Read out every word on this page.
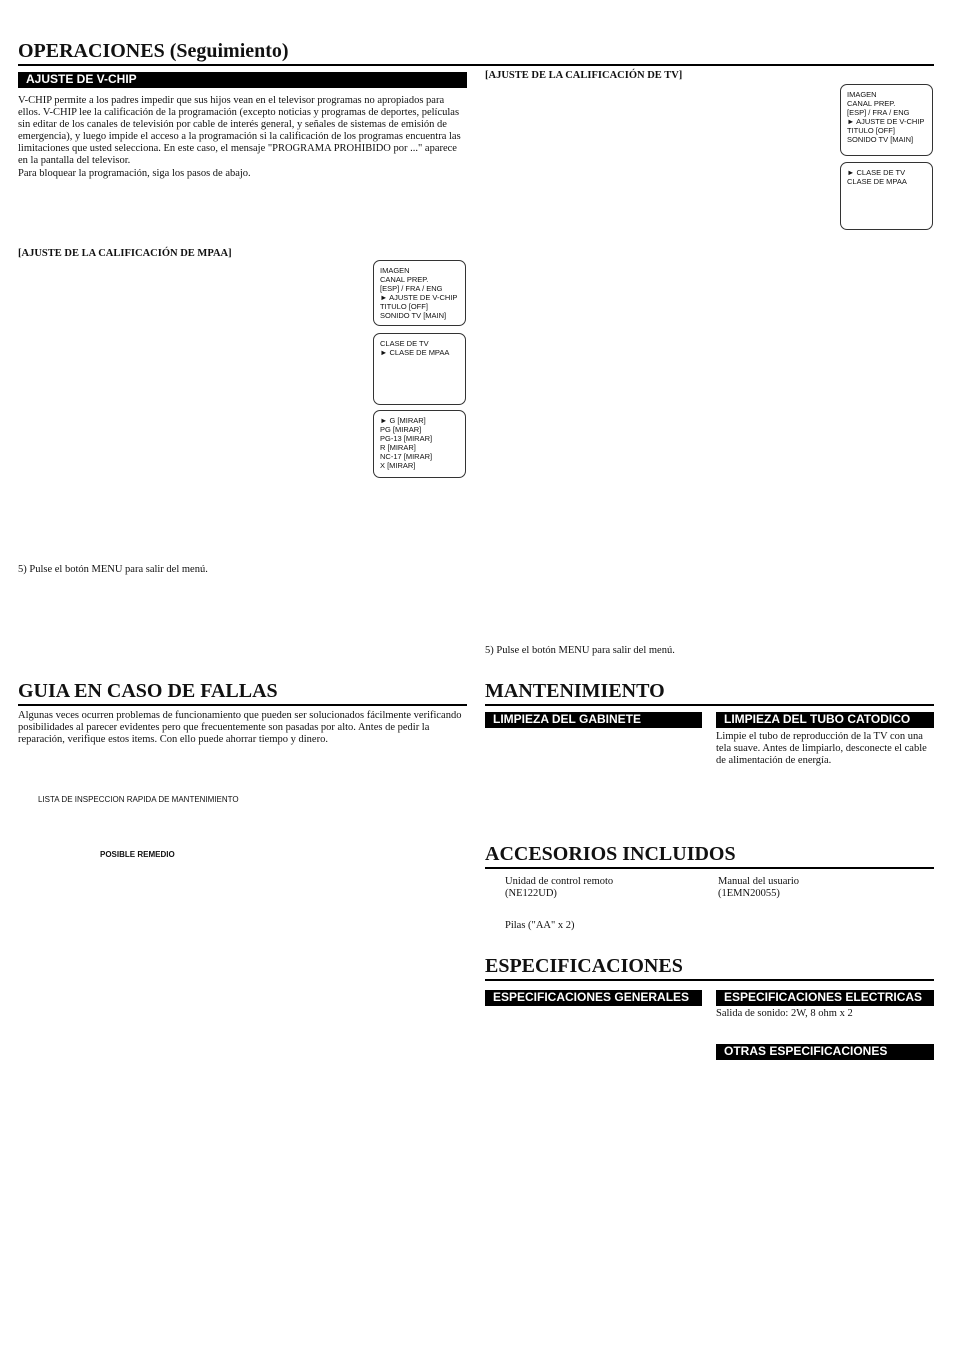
OPERACIONES (Seguimiento)
AJUSTE DE V-CHIP

V-CHIP permite a los padres impedir que sus hijos vean en el televisor programas no apropiados para ellos. V-CHIP lee la calificación de la programación (excepto noticias y programas de deportes, películas sin editar de los canales de televisión por cable de interés general, y señales de sistemas de emisión de emergencia), y luego impide el acceso a la programación si la calificación de los programas encuentra las limitaciones que usted selecciona. En este caso, el mensaje "PROGRAMA PROHIBIDO por ..." aparece en la pantalla del televisor.

Para bloquear la programación, siga los pasos de abajo.

[AJUSTE DE LA CALIFICACIÓN DE MPAA]
IMAGEN
CANAL PREP.
[ESP] / FRA / ENG
► AJUSTE DE V-CHIP
TITULO [OFF]
SONIDO TV [MAIN]
CLASE DE TV
► CLASE DE MPAA
► G [MIRAR]
PG [MIRAR]
PG-13 [MIRAR]
R [MIRAR]
NC-17 [MIRAR]
X [MIRAR]
[AJUSTE DE LA CALIFICACIÓN DE TV]
5) Pulse el botón MENU para salir del menú.
5) Pulse el botón MENU para salir del menú.
IMAGEN
CANAL PREP.
[ESP] / FRA / ENG
► AJUSTE DE V-CHIP
TITULO [OFF]
SONIDO TV [MAIN]
► CLASE DE TV
CLASE DE MPAA
GUIA EN CASO DE FALLAS
Algunas veces ocurren problemas de funcionamiento que pueden ser solucionados fácilmente verificando posibilidades al parecer evidentes pero que frecuentemente son pasadas por alto. Antes de pedir la reparación, verifique estos items. Con ello puede ahorrar tiempo y dinero.
LISTA DE INSPECCION RAPIDA DE MANTENIMIENTO
POSIBLE REMEDIO
MANTENIMIENTO
LIMPIEZA DEL GABINETE	LIMPIEZA DEL TUBO CATODICO
Limpie el tubo de reproducción de la TV con una tela suave. Antes de limpiarlo, desconecte el cable de alimentación de energía.
ACCESORIOS INCLUIDOS
Unidad de control remoto (NE122UD)
Manual del usuario (1EMN20055)
Pilas ("AA" x 2)
ESPECIFICACIONES
ESPECIFICACIONES GENERALES	ESPECIFICACIONES ELECTRICAS
Salida de sonido: 2W, 8 ohm x 2
OTRAS ESPECIFICACIONES
